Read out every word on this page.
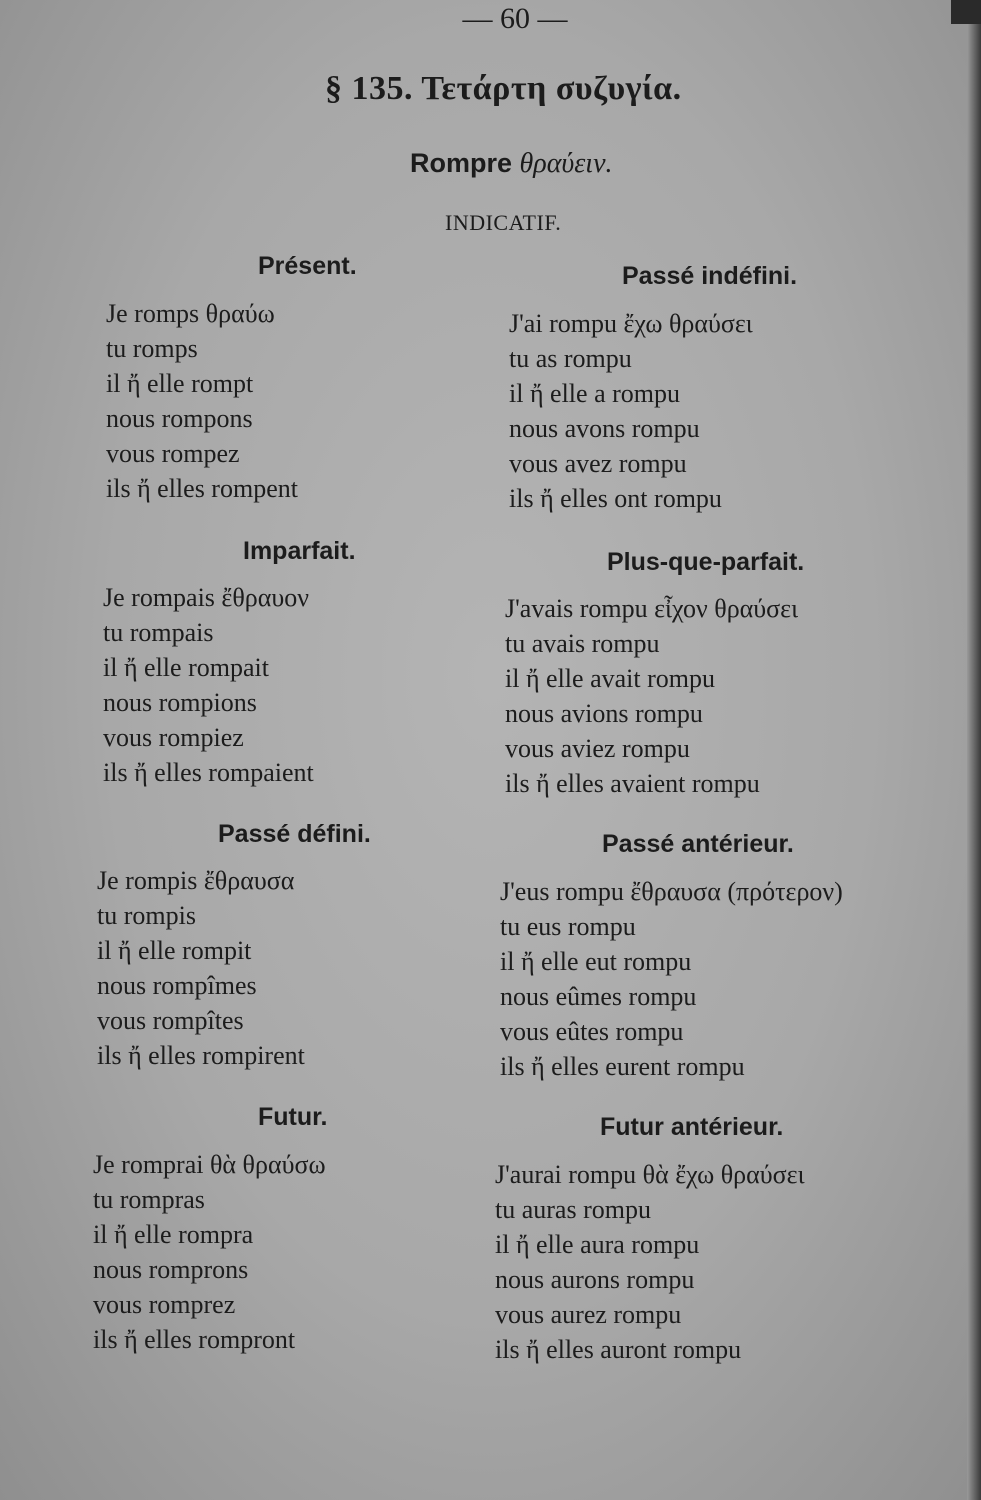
— 60 —
§ 135. Τετάρτη συζυγία.
Rompre θραύειν.
INDICATIF.
Présent.
Je romps θραύω
tu romps
il ἤ elle rompt
nous rompons
vous rompez
ils ἤ elles rompent
Imparfait.
Je rompais ἔθραυον
tu rompais
il ἤ elle rompait
nous rompions
vous rompiez
ils ἤ elles rompaient
Passé défini.
Je rompis ἔθραυσα
tu rompis
il ἤ elle rompit
nous rompîmes
vous rompîtes
ils ἤ elles rompirent
Futur.
Je romprai θὰ θραύσω
tu rompras
il ἤ elle rompra
nous romprons
vous romprez
ils ἤ elles rompront
Passé indéfini.
J'ai rompu ἔχω θραύσει
tu as rompu
il ἤ elle a rompu
nous avons rompu
vous avez rompu
ils ἤ elles ont rompu
Plus-que-parfait.
J'avais rompu εἶχον θραύσει
tu avais rompu
il ἤ elle avait rompu
nous avions rompu
vous aviez rompu
ils ἤ elles avaient rompu
Passé antérieur.
J'eus rompu ἔθραυσα (πρότερον)
tu eus rompu
il ἤ elle eut rompu
nous eûmes rompu
vous eûtes rompu
ils ἤ elles eurent rompu
Futur antérieur.
J'aurai rompu θὰ ἔχω θραύσει
tu auras rompu
il ἤ elle aura rompu
nous aurons rompu
vous aurez rompu
ils ἤ elles auront rompu
